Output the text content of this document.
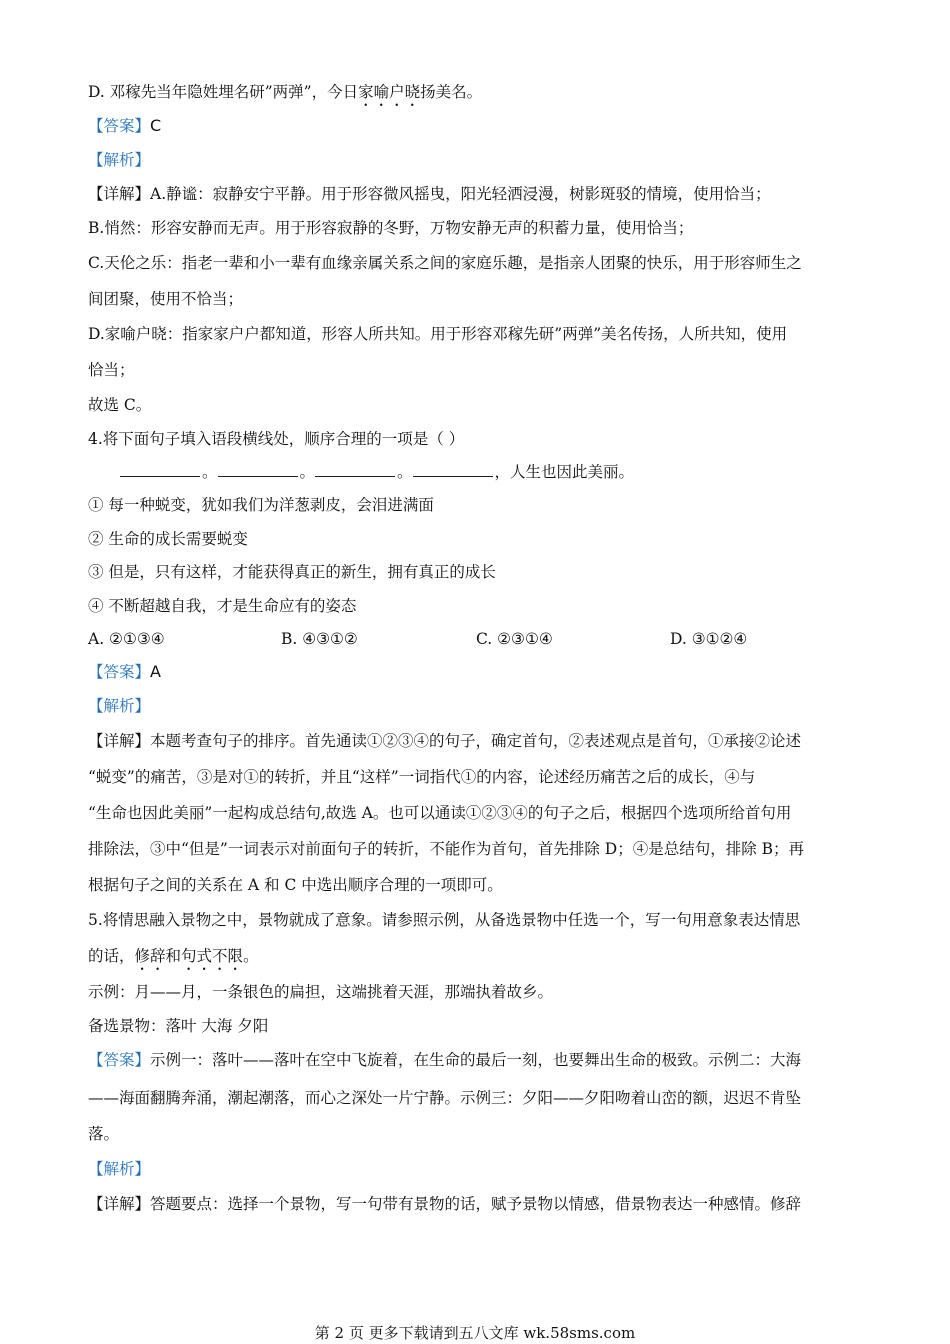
D. 邓稼先当年隐姓埋名研”两弹”，今日家喻户晓扬美名。
【答案】C
【解析】
【详解】A.静谧：寂静安宁平静。用于形容微风摇曳，阳光轻洒浸漫，树影斑驳的情境，使用恰当；
B.悄然：形容安静而无声。用于形容寂静的冬野，万物安静无声的积蓄力量，使用恰当；
C.天伦之乐：指老一辈和小一辈有血缘亲属关系之间的家庭乐趣，是指亲人团聚的快乐，用于形容师生之
间团聚，使用不恰当；
D.家喻户晓：指家家户户都知道，形容人所共知。用于形容邓稼先研”两弹”美名传扬，人所共知，使用
恰当；
故选 C。
4.将下面句子填入语段横线处，顺序合理的一项是（ ）
。	。	。	，人生也因此美丽。
① 每一种蜕变，犹如我们为洋葱剥皮，会泪进满面
② 生命的成长需要蜕变
③ 但是，只有这样，才能获得真正的新生，拥有真正的成长
④ 不断超越自我，才是生命应有的姿态
A. ②①③④	B. ④③①②	C. ②③①④	D. ③①②④
【答案】A
【解析】
【详解】本题考查句子的排序。首先通读①②③④的句子，确定首句，②表述观点是首句，①承接②论述
“蜕变”的痛苦，③是对①的转折，并且“这样”一词指代①的内容，论述经历痛苦之后的成长，④与
“生命也因此美丽”一起构成总结句,故选 A。也可以通读①②③④的句子之后，根据四个选项所给首句用
排除法，③中“但是”一词表示对前面句子的转折，不能作为首句，首先排除 D；④是总结句，排除 B；再
根据句子之间的关系在 A 和 C 中选出顺序合理的一项即可。
5.将情思融入景物之中，景物就成了意象。请参照示例，从备选景物中任选一个，写一句用意象表达情思
的话，修辞和句式不限。
示例：月——月，一条银色的扁担，这端挑着天涯，那端执着故乡。
备选景物：落叶 大海 夕阳
【答案】示例一：落叶——落叶在空中飞旋着，在生命的最后一刻，也要舞出生命的极致。示例二：大海
——海面翻腾奔涌，潮起潮落，而心之深处一片宁静。示例三：夕阳——夕阳吻着山峦的额，迟迟不肯坠
落。
【解析】
【详解】答题要点：选择一个景物，写一句带有景物的话，赋予景物以情感，借景物表达一种感情。修辞
第 2 页 更多下载请到五八文库 wk.58sms.com
